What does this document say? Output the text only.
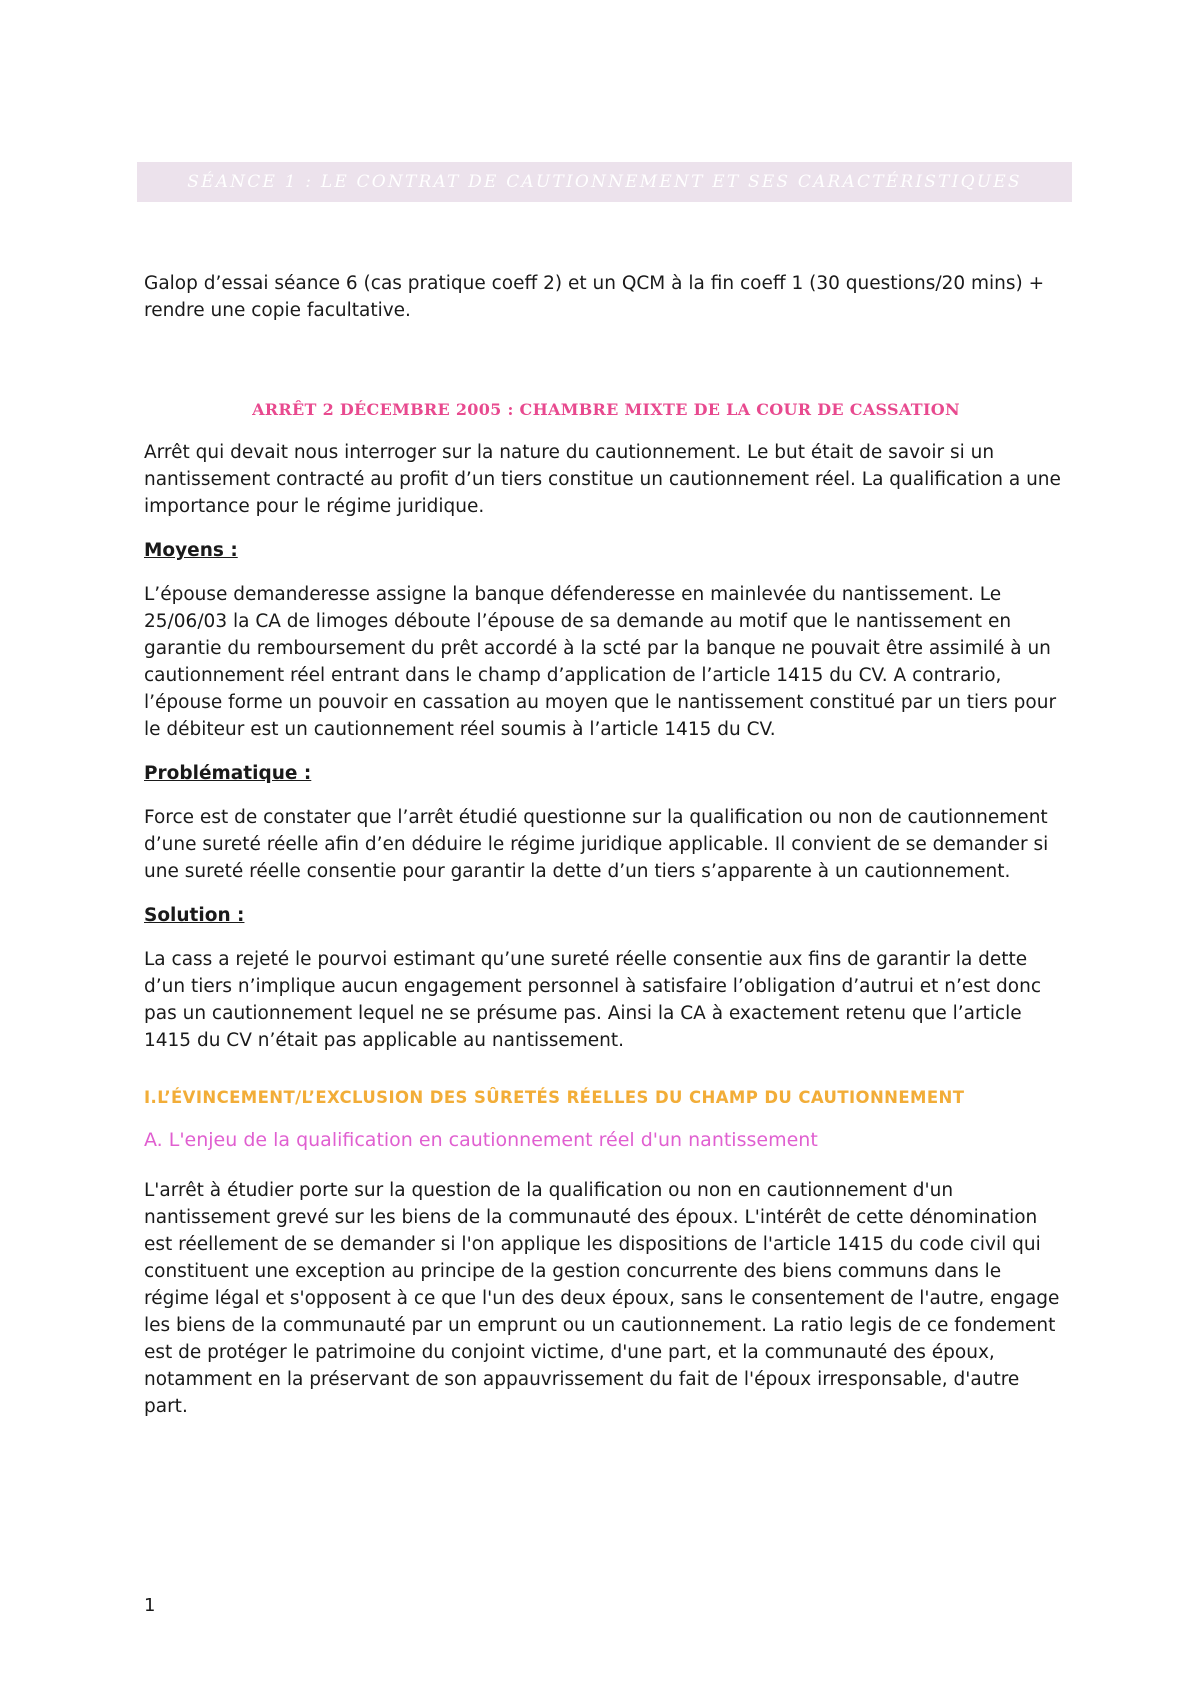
SÉANCE 1 : LE CONTRAT DE CAUTIONNEMENT ET SES CARACTÉRISTIQUES

Galop d’essai séance 6 (cas pratique coeff 2) et un QCM à la fin coeff 1 (30 questions/20 mins) + rendre une copie facultative.

ARRÊT 2 DÉCEMBRE 2005 : CHAMBRE MIXTE DE LA COUR DE CASSATION

Arrêt qui devait nous interroger sur la nature du cautionnement. Le but était de savoir si un nantissement contracté au profit d’un tiers constitue un cautionnement réel. La qualification a une importance pour le régime juridique.

Moyens :

L’épouse demanderesse assigne la banque défenderesse en mainlevée du nantissement. Le 25/06/03 la CA de limoges déboute l’épouse de sa demande au motif que le nantissement en garantie du remboursement du prêt accordé à la scté par la banque ne pouvait être assimilé à un cautionnement réel entrant dans le champ d’application de l’article 1415 du CV. A contrario, l’épouse forme un pouvoir en cassation au moyen que le nantissement constitué par un tiers pour le débiteur est un cautionnement réel soumis à l’article 1415 du CV.

Problématique :

Force est de constater que l’arrêt étudié questionne sur la qualification ou non de cautionnement d’une sureté réelle afin d’en déduire le régime juridique applicable. Il convient de se demander si une sureté réelle consentie pour garantir la dette d’un tiers s’apparente à un cautionnement.

Solution :

La cass a rejeté le pourvoi estimant qu’une sureté réelle consentie aux fins de garantir la dette d’un tiers n’implique aucun engagement personnel à satisfaire l’obligation d’autrui et n’est donc pas un cautionnement lequel ne se présume pas. Ainsi la CA à exactement retenu que l’article 1415 du CV n’était pas applicable au nantissement.

I.L’ÉVINCEMENT/L’EXCLUSION DES SÛRETÉS RÉELLES DU CHAMP DU CAUTIONNEMENT

A. L'enjeu de la qualification en cautionnement réel d'un nantissement

L'arrêt à étudier porte sur la question de la qualification ou non en cautionnement d'un nantissement grevé sur les biens de la communauté des époux. L'intérêt de cette dénomination est réellement de se demander si l'on applique les dispositions de l'article 1415 du code civil qui constituent une exception au principe de la gestion concurrente des biens communs dans le régime légal et s'opposent à ce que l'un des deux époux, sans le consentement de l'autre, engage les biens de la communauté par un emprunt ou un cautionnement. La ratio legis de ce fondement est de protéger le patrimoine du conjoint victime, d'une part, et la communauté des époux, notamment en la préservant de son appauvrissement du fait de l'époux irresponsable, d'autre part.

1
